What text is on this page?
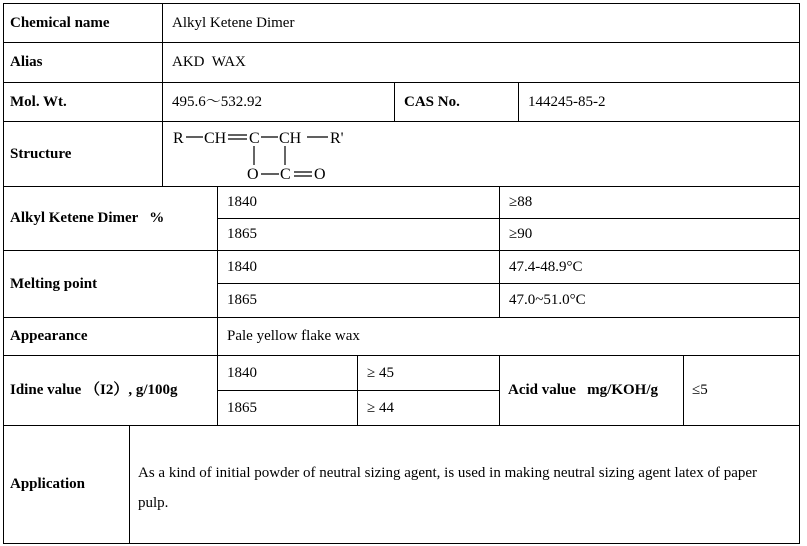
Chemical name	Alkyl Ketene Dimer
Alias	AKD  WAX
Mol. Wt.	495.6～532.92	CAS No.	144245-85-2
Structure
R CH C CH R'
O C O
Alkyl Ketene Dimer   %
1840	≥88
1865	≥90
Melting point
1840	47.4-48.9°C
1865	47.0~51.0°C
Appearance	Pale yellow flake wax
Idine value （I2）, g/100g
1840	≥ 45
1865	≥ 44
Acid value   mg/KOH/g ≤5
Application
As a kind of initial powder of neutral sizing agent, is used in making neutral sizing agent latex of paper pulp.
